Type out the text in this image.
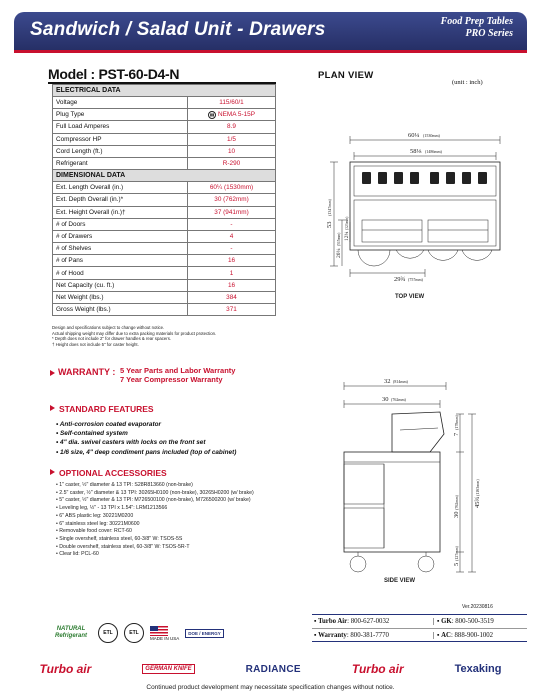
Sandwich / Salad Unit - Drawers	Food Prep Tables
PRO Series
Model : PST-60-D4-N
ELECTRICAL DATA	
Voltage	115/60/1
Plug Type	▮▮ NEMA 5-15P

Full Load Amperes	8.9
Compressor HP	1/5
Cord Length (ft.)	10
Refrigerant	R-290
DIMENSIONAL DATA	
Ext. Length Overall (in.)	60¼ (1530mm)
Ext. Depth Overall (in.)*	30 (762mm)
Ext. Height Overall (in.)†	37 (941mm)
# of Doors	-
# of Drawers	4
# of Shelves	-
# of Pans	16
# of Hood	1
Net Capacity (cu. ft.)	16
Net Weight (lbs.)	384
Gross Weight (lbs.)	371
Design and specifications subject to change without notice.
Actual shipping weight may differ due to extra packing materials for product protection.
* Depth does not include 2" for drawer handles & rear spacers.
† Height does not include 5" for caster height.
WARRANTY : 5 Year Parts and Labor Warranty
7 Year Compressor Warranty
STANDARD FEATURES
• Anti-corrosion coated evaporator
• Self-contained system
• 4" dia. swivel casters with locks on the front set
• 1/6 size, 4" deep condiment pans included (top of cabinet)
OPTIONAL ACCESSORIES
• 1" caster, ½" diameter & 13 TPI: S28R813660 (non-brake)
• 2.5" caster, ½" diameter & 13 TPI: 30265H0100 (non-brake), 30265H0200 (w/ brake)
• 5" caster, ½" diameter & 13 TPI: M726500100 (non-brake), M726500200 (w/ brake)
• Leveling leg, ½" - 13 TPI x 1.54": LRM1213566
• 6" ABS plastic leg: 30221M0200
• 6" stainless steel leg: 30221M0600
• Removable food cover: RCT-60
• Single overshelf, stainless steel, 60-3/8" W: TSOS-5S
• Double overshelf, stainless steel, 60-3/8" W: TSOS-5R-T
• Clear lid: PCL-60
PLAN VIEW
(unit : inch)
60¼ (1530mm)
58⅛ (1486mm)
29¾ (757mm)
53
(1347mm)
20¼
(515mm) 12¾
(323mm)
TOP VIEW
32 (814mm)
30 (762mm)
7
(178mm)
30
(762mm)
5
(127mm)
45¾
(1163mm)
SIDE VIEW
Ver.20230816
NATURAL Refrigerant	ETL	ETL
MADE IN USA
DOE / ENERGY
▪ Turbo Air: 800-627-0032	▪ GK: 800-500-3519
▪ Warranty: 800-381-7770	▪ AC: 888-900-1002
Turbo air	GERMAN KNIFE	RADIANCE	Turbo air	Texaking
Continued product development may necessitate specification changes without notice.
